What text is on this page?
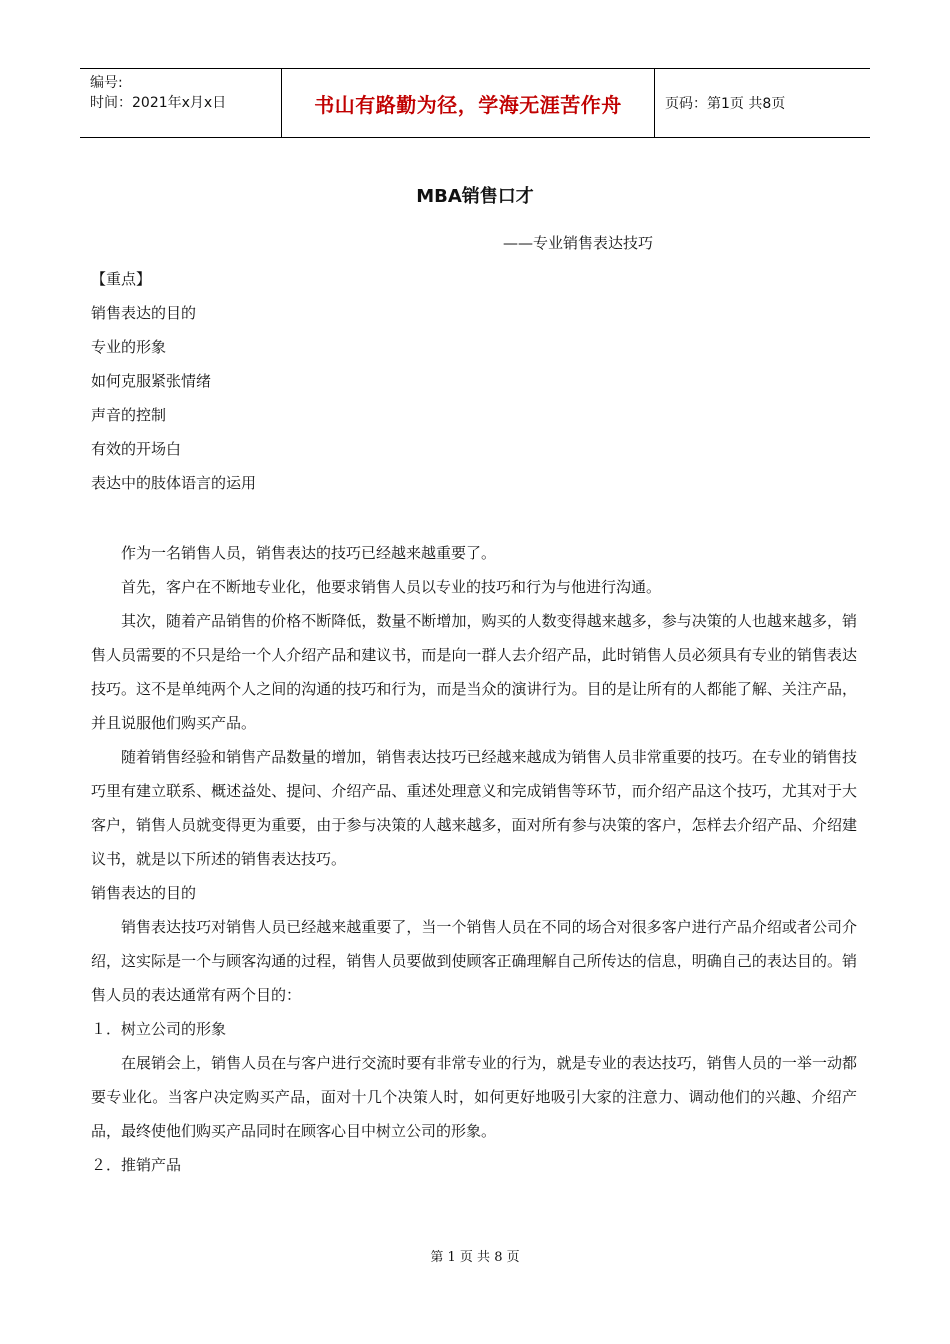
编号:
时间：2021年x月x日	书山有路勤为径，学海无涯苦作舟	页码：第1页 共8页
MBA销售口才
——专业销售表达技巧
【重点】
销售表达的目的
专业的形象
如何克服紧张情绪
声音的控制
有效的开场白
表达中的肢体语言的运用

作为一名销售人员，销售表达的技巧已经越来越重要了。

首先，客户在不断地专业化，他要求销售人员以专业的技巧和行为与他进行沟通。

其次，随着产品销售的价格不断降低，数量不断增加，购买的人数变得越来越多，参与决策的人也越来越多，销售人员需要的不只是给一个人介绍产品和建议书，而是向一群人去介绍产品，此时销售人员必须具有专业的销售表达技巧。这不是单纯两个人之间的沟通的技巧和行为，而是当众的演讲行为。目的是让所有的人都能了解、关注产品，并且说服他们购买产品。

随着销售经验和销售产品数量的增加，销售表达技巧已经越来越成为销售人员非常重要的技巧。在专业的销售技巧里有建立联系、概述益处、提问、介绍产品、重述处理意义和完成销售等环节，而介绍产品这个技巧，尤其对于大客户，销售人员就变得更为重要，由于参与决策的人越来越多，面对所有参与决策的客户，怎样去介绍产品、介绍建议书，就是以下所述的销售表达技巧。

销售表达的目的

销售表达技巧对销售人员已经越来越重要了，当一个销售人员在不同的场合对很多客户进行产品介绍或者公司介绍，这实际是一个与顾客沟通的过程，销售人员要做到使顾客正确理解自己所传达的信息，明确自己的表达目的。销售人员的表达通常有两个目的：

１．树立公司的形象

在展销会上，销售人员在与客户进行交流时要有非常专业的行为，就是专业的表达技巧，销售人员的一举一动都要专业化。当客户决定购买产品，面对十几个决策人时，如何更好地吸引大家的注意力、调动他们的兴趣、介绍产品，最终使他们购买产品同时在顾客心目中树立公司的形象。

２．推销产品
第 1 页 共 8 页
